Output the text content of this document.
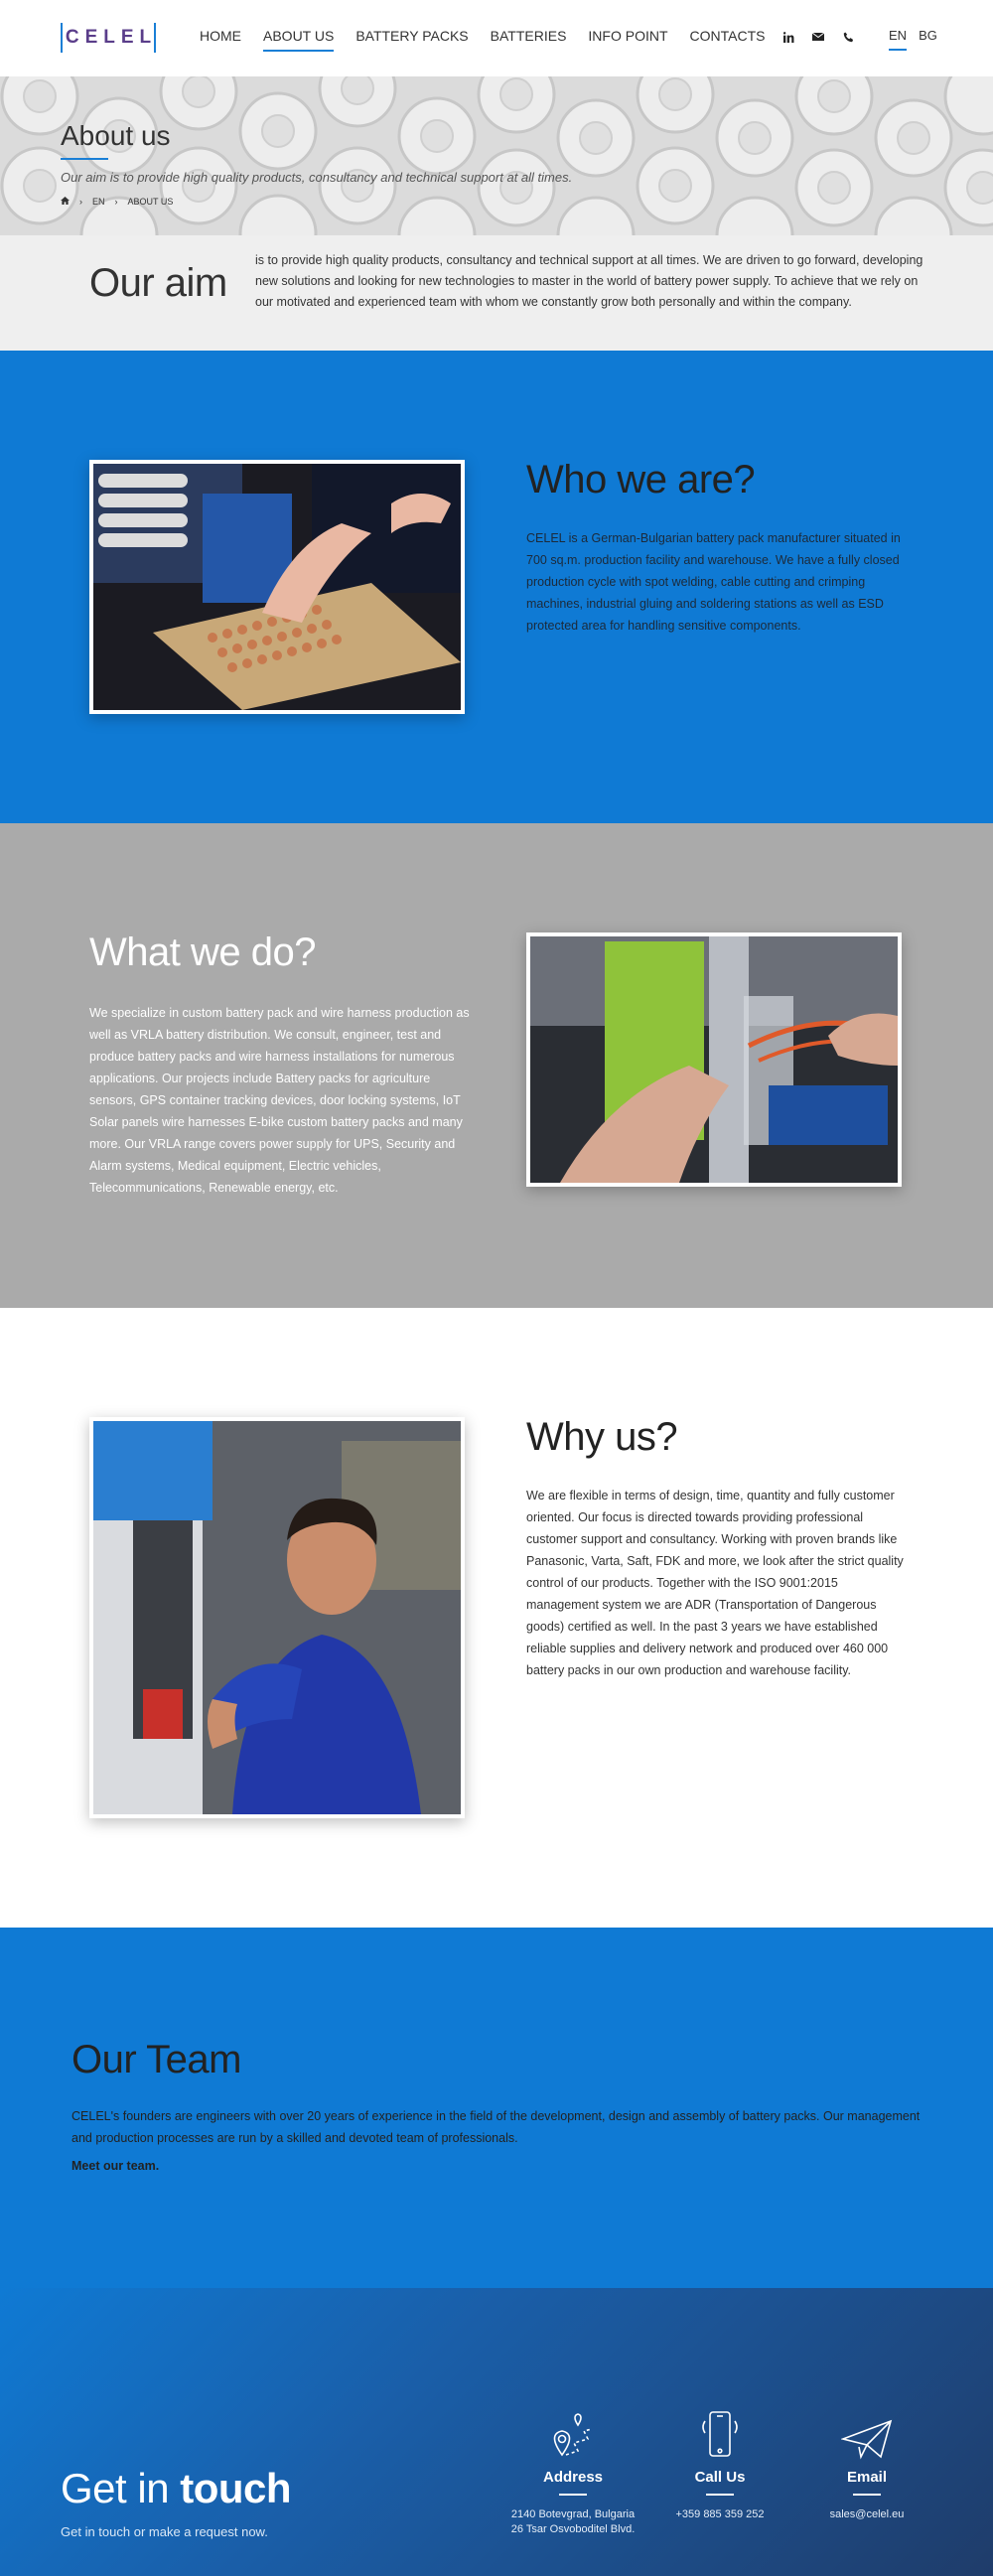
CELEL	HOME ABOUT US BATTERY PACKS BATTERIES INFO POINT CONTACTS	EN BG
About us
Our aim is to provide high quality products, consultancy and technical support at all times.
› EN › ABOUT US
Our aim

is to provide high quality products, consultancy and technical support at all times. We are driven to go forward, developing new solutions and looking for new technologies to master in the world of battery power supply. To achieve that we rely on our motivated and experienced team with whom we constantly grow both personally and within the company.

Who we are?

CELEL is a German-Bulgarian battery pack manufacturer situated in 700 sq.m. production facility and warehouse. We have a fully closed production cycle with spot welding, cable cutting and crimping machines, industrial gluing and soldering stations as well as ESD protected area for handling sensitive components.

What we do?

We specialize in custom battery pack and wire harness production as well as VRLA battery distribution. We consult, engineer, test and produce battery packs and wire harness installations for numerous applications. Our projects include Battery packs for agriculture sensors, GPS container tracking devices, door locking systems, IoT Solar panels wire harnesses E-bike custom battery packs and many more. Our VRLA range covers power supply for UPS, Security and Alarm systems, Medical equipment, Electric vehicles, Telecommunications, Renewable energy, etc.

Why us?

We are flexible in terms of design, time, quantity and fully customer oriented. Our focus is directed towards providing professional customer support and consultancy. Working with proven brands like Panasonic, Varta, Saft, FDK and more, we look after the strict quality control of our products. Together with the ISO 9001:2015 management system we are ADR (Transportation of Dangerous goods) certified as well. In the past 3 years we have established reliable supplies and delivery network and produced over 460 000 battery packs in our own production and warehouse facility.

Our Team

CELEL's founders are engineers with over 20 years of experience in the field of the development, design and assembly of battery packs. Our management and production processes are run by a skilled and devoted team of professionals.

Meet our team.
Get in touch

Get in touch or make a request now.

Address
2140 Botevgrad, Bulgaria
26 Tsar Osvoboditel Blvd.
Call Us
+359 885 359 252
Email
sales@celel.eu
